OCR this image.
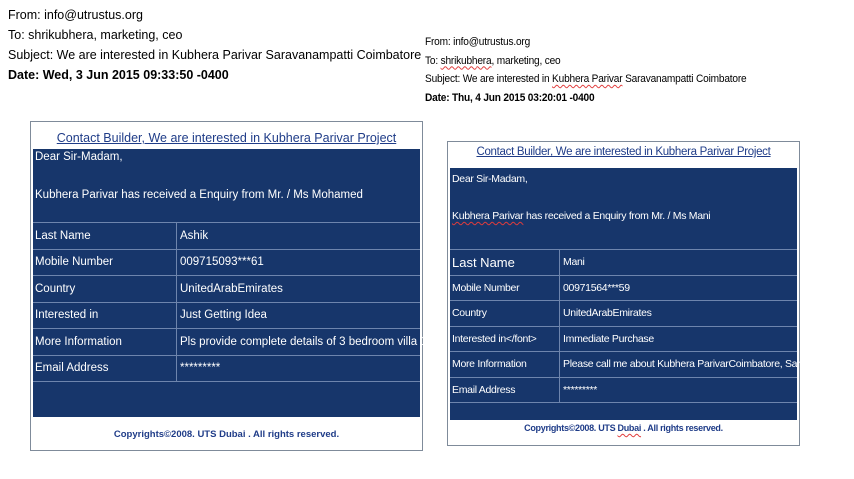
From: info@utrustus.org
To: shrikubhera, marketing, ceo
Subject: We are interested in Kubhera Parivar Saravanampatti Coimbatore
Date: Wed, 3 Jun 2015 09:33:50 -0400
From: info@utrustus.org
To: shrikubhera, marketing, ceo
Subject: We are interested in Kubhera Parivar Saravanampatti Coimbatore
Date: Thu, 4 Jun 2015 03:20:01 -0400
Contact Builder, We are interested in Kubhera Parivar Project
Dear Sir-Madam,
Kubhera Parivar has received a Enquiry from Mr. / Ms Mohamed
Last Name	Ashik
Mobile Number	009715093***61
Country	UnitedArabEmirates
Interested in	Just Getting Idea
More Information	Pls provide complete details of 3 bedroom villa 1750
Email Address	*********
Copyrights©2008. UTS Dubai . All rights reserved.
Contact Builder, We are interested in Kubhera Parivar Project
Dear Sir-Madam,
Kubhera Parivar has received a Enquiry from Mr. / Ms Mani
Last Name	Mani
Mobile Number	00971564***59
Country	UnitedArabEmirates
Interested in</font>	Immediate Purchase
More Information	Please call me about Kubhera ParivarCoimbatore, Saravanampatti
Email Address	*********
Copyrights©2008. UTS Dubai . All rights reserved.
